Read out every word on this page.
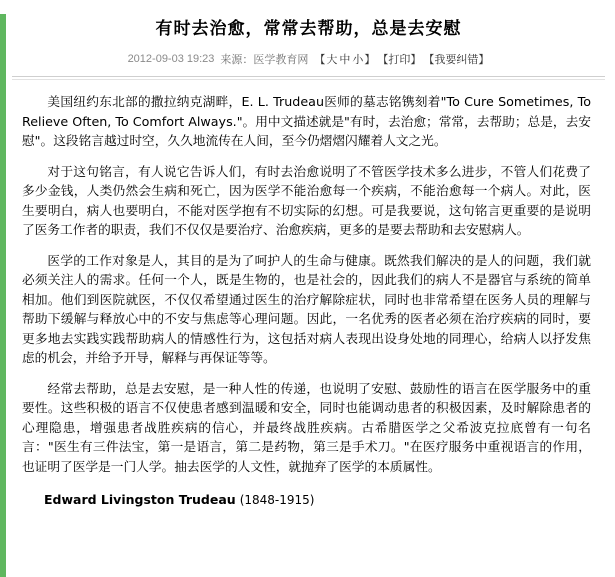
有时去治愈，常常去帮助，总是去安慰
2012-09-03 19:23 来源：医学教育网 【大 中 小】 【打印】 【我要纠错】

美国纽约东北部的撒拉纳克湖畔，E. L. Trudeau医师的墓志铭镌刻着"To Cure Sometimes, To Relieve Often, To Comfort Always."。用中文描述就是"有时，去治愈；常常，去帮助；总是，去安慰"。这段铭言越过时空，久久地流传在人间，至今仍熠熠闪耀着人文之光。

对于这句铭言，有人说它告诉人们，有时去治愈说明了不管医学技术多么进步，不管人们花费了多少金钱，人类仍然会生病和死亡，因为医学不能治愈每一个疾病，不能治愈每一个病人。对此，医生要明白，病人也要明白，不能对医学抱有不切实际的幻想。可是我要说，这句铭言更重要的是说明了医务工作者的职责，我们不仅仅是要治疗、治愈疾病，更多的是要去帮助和去安慰病人。

医学的工作对象是人，其目的是为了呵护人的生命与健康。既然我们解决的是人的问题，我们就必须关注人的需求。任何一个人，既是生物的，也是社会的，因此我们的病人不是器官与系统的简单相加。他们到医院就医，不仅仅希望通过医生的治疗解除症状，同时也非常希望在医务人员的理解与帮助下缓解与释放心中的不安与焦虑等心理问题。因此，一名优秀的医者必须在治疗疾病的同时，要更多地去实践实践帮助病人的情感性行为，这包括对病人表现出设身处地的同理心，给病人以抒发焦虑的机会，并给予开导，解释与再保证等等。

经常去帮助，总是去安慰，是一种人性的传递，也说明了安慰、鼓励性的语言在医学服务中的重要性。这些积极的语言不仅使患者感到温暖和安全，同时也能调动患者的积极因素，及时解除患者的心理隐患，增强患者战胜疾病的信心，并最终战胜疾病。古希腊医学之父希波克拉底曾有一句名言："医生有三件法宝，第一是语言，第二是药物，第三是手术刀。"在医疗服务中重视语言的作用，也证明了医学是一门人学。抽去医学的人文性，就抛弃了医学的本质属性。

Edward Livingston Trudeau (1848-1915)
